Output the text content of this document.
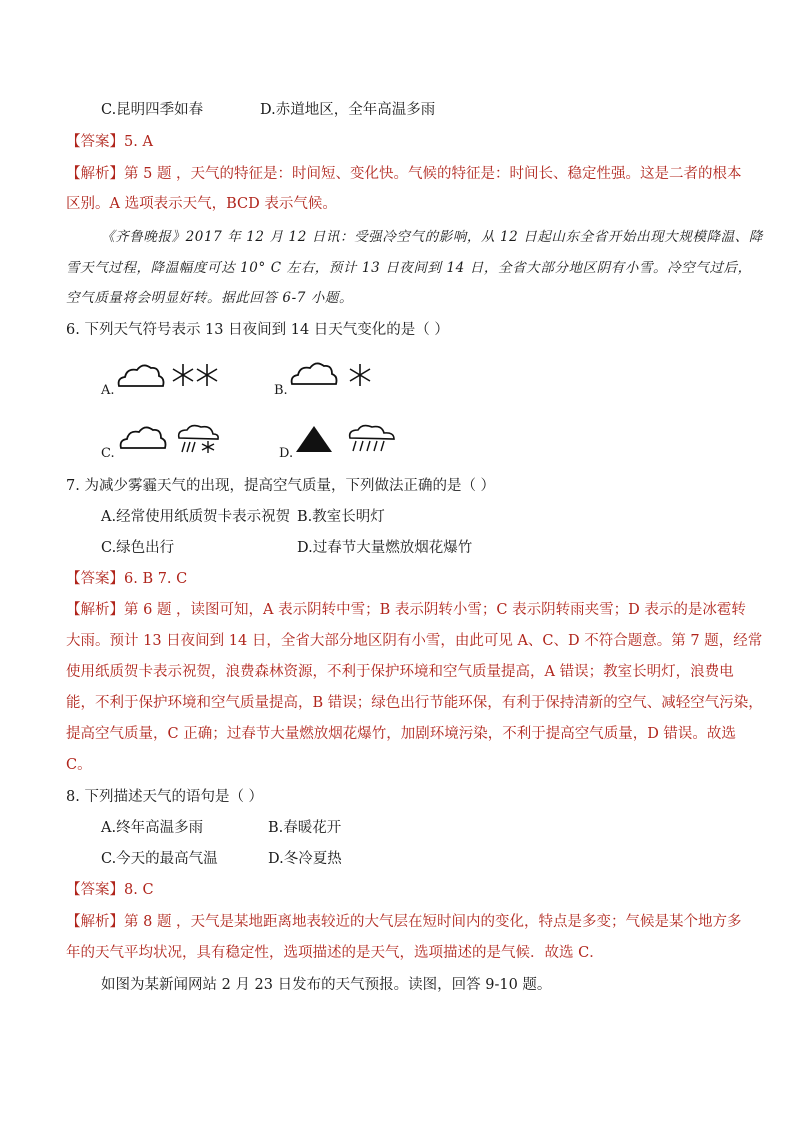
C.昆明四季如春	D.赤道地区，全年高温多雨
【答案】5. A
【解析】第 5 题 ，天气的特征是：时间短、变化快。气候的特征是：时间长、稳定性强。这是二者的根本
区别。A 选项表示天气，BCD 表示气候。
《齐鲁晚报》2017 年 12 月 12 日讯：受强冷空气的影响，从 12 日起山东全省开始出现大规模降温、降
雪天气过程，降温幅度可达 10° C 左右，预计 13 日夜间到 14 日，全省大部分地区阴有小雪。冷空气过后，
空气质量将会明显好转。据此回答 6-7 小题。
6. 下列天气符号表示 13 日夜间到 14 日天气变化的是（ ）
A.	B.
C.	D.
7. 为减少雾霾天气的出现，提高空气质量，下列做法正确的是（ ）
A.经常使用纸质贺卡表示祝贺 B.教室长明灯
C.绿色出行	D.过春节大量燃放烟花爆竹
【答案】6. B 7. C
【解析】第 6 题 ，读图可知，A 表示阴转中雪；B 表示阴转小雪；C 表示阴转雨夹雪；D 表示的是冰雹转
大雨。预计 13 日夜间到 14 日，全省大部分地区阴有小雪，由此可见 A、C、D 不符合题意。第 7 题，经常
使用纸质贺卡表示祝贺，浪费森林资源，不利于保护环境和空气质量提高，A 错误；教室长明灯，浪费电
能，不利于保护环境和空气质量提高，B 错误；绿色出行节能环保，有利于保持清新的空气、减轻空气污染，
提高空气质量，C 正确；过春节大量燃放烟花爆竹，加剧环境污染，不利于提高空气质量，D 错误。故选
C。
8. 下列描述天气的语句是（ ）
A.终年高温多雨	B.春暖花开
C.今天的最高气温	D.冬冷夏热
【答案】8. C
【解析】第 8 题 ，天气是某地距离地表较近的大气层在短时间内的变化，特点是多变；气候是某个地方多
年的天气平均状况，具有稳定性，选项描述的是天气，选项描述的是气候．故选 C．
如图为某新闻网站 2 月 23 日发布的天气预报。读图，回答 9-10 题。
